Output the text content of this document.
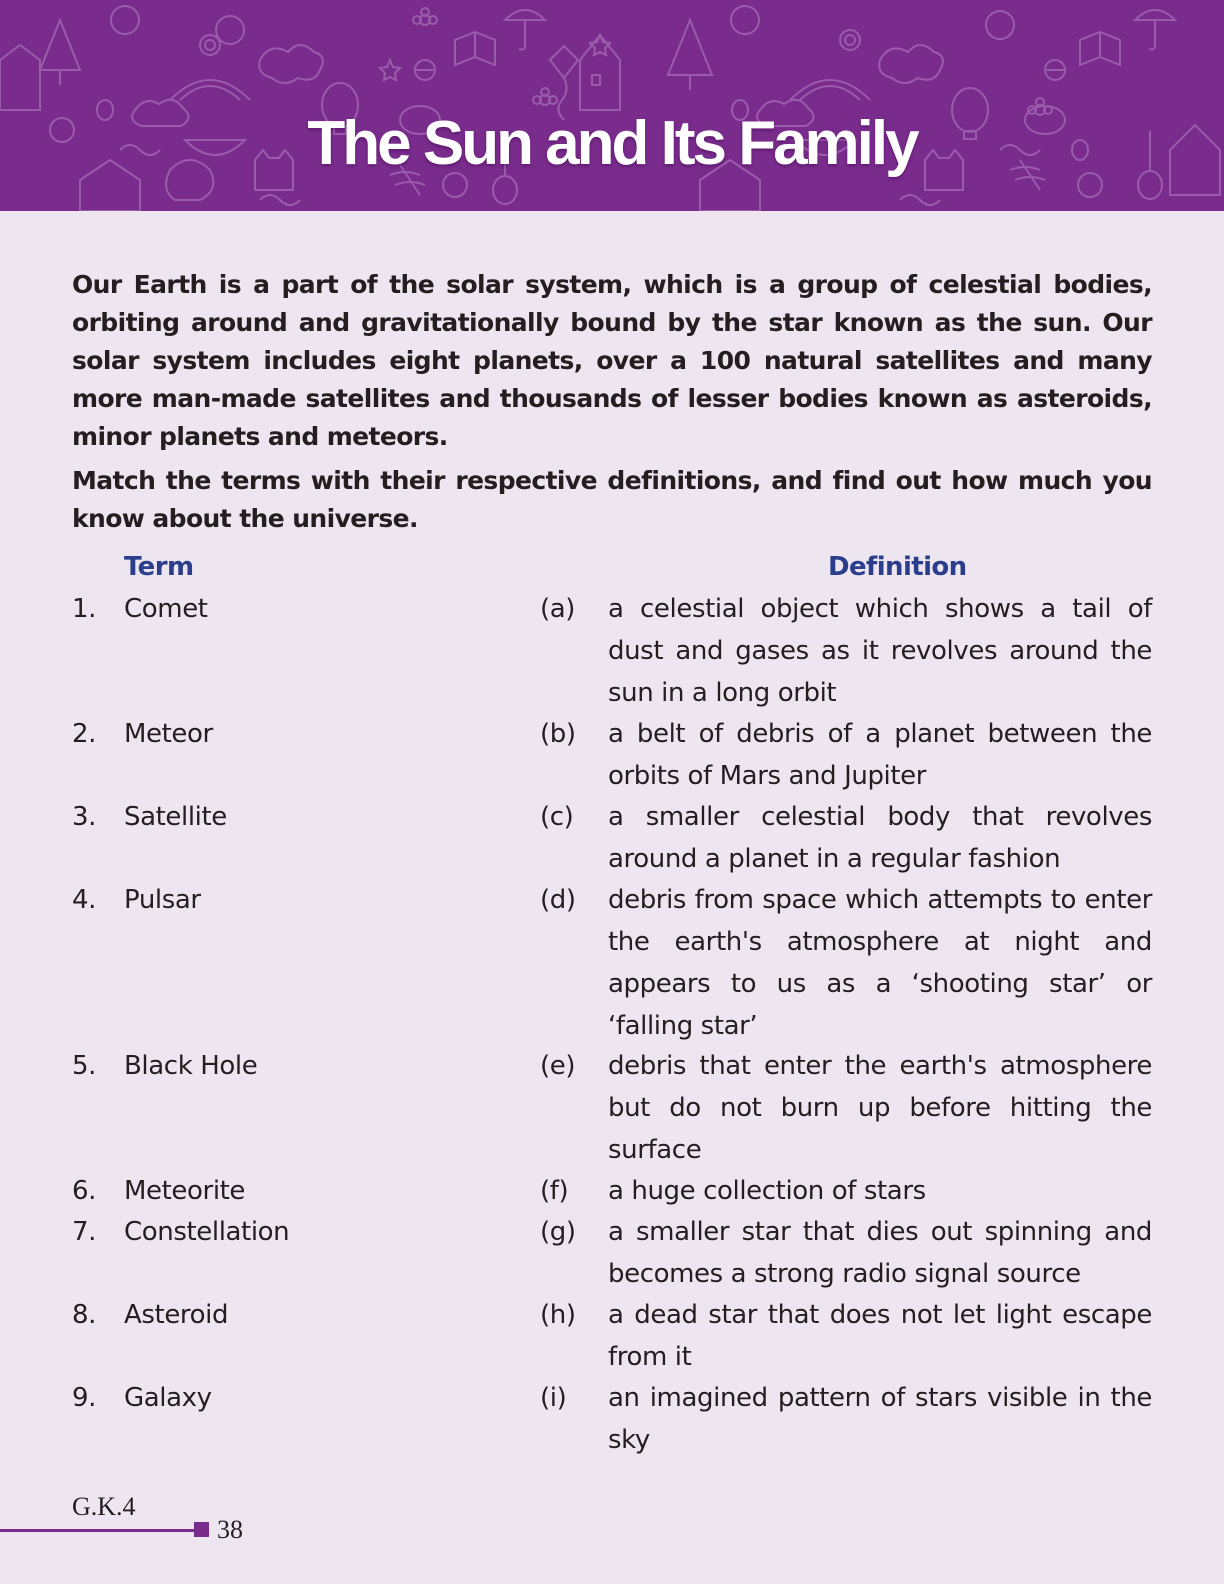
The Sun and Its Family

Our Earth is a part of the solar system, which is a group of celestial bodies, orbiting around and gravitationally bound by the star known as the sun. Our solar system includes eight planets, over a 100 natural satellites and many more man-made satellites and thousands of lesser bodies known as asteroids, minor planets and meteors.

Match the terms with their respective definitions, and find out how much you know about the universe.

Term	Definition
1. Comet	(a) a celestial object which shows a tail of dust and gases as it revolves around the sun in a long orbit
2. Meteor	(b) a belt of debris of a planet between the orbits of Mars and Jupiter
3. Satellite	(c) a smaller celestial body that revolves around a planet in a regular fashion
4. Pulsar	(d) debris from space which attempts to enter the earth's atmosphere at night and appears to us as a ‘shooting star’ or ‘falling star’
5. Black Hole	(e) debris that enter the earth's atmosphere but do not burn up before hitting the surface
6. Meteorite	(f) a huge collection of stars
7. Constellation	(g) a smaller star that dies out spinning and becomes a strong radio signal source
8. Asteroid	(h) a dead star that does not let light escape from it
9. Galaxy	(i) an imagined pattern of stars visible in the sky
G.K.4
38
